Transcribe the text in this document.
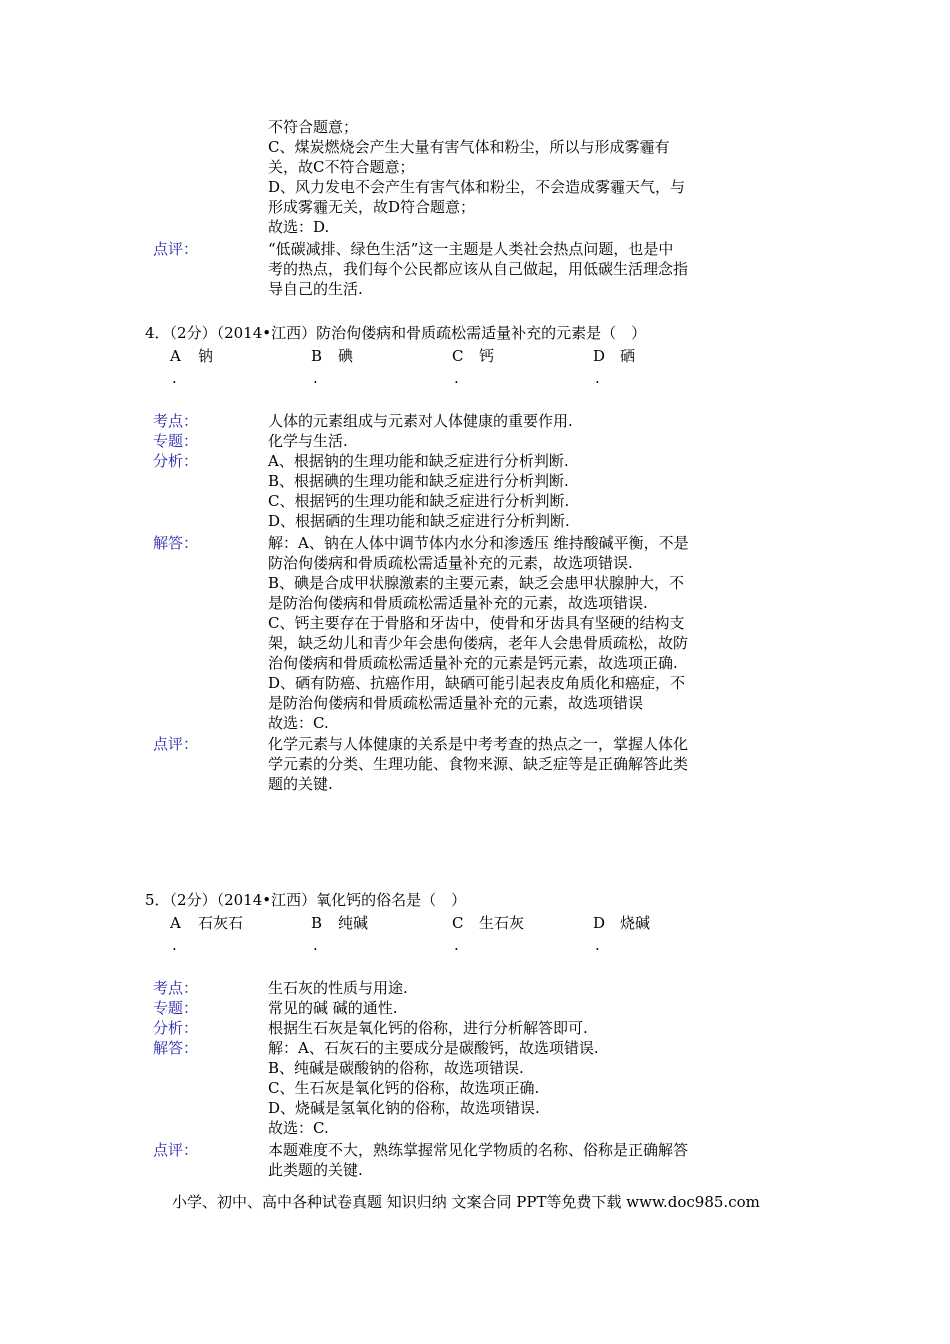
不符合题意；
C、煤炭燃烧会产生大量有害气体和粉尘，所以与形成雾霾有
关，故C不符合题意；
D、风力发电不会产生有害气体和粉尘，不会造成雾霾天气，与
形成雾霾无关，故D符合题意；
故选：D.
点评：	“低碳减排、绿色生活”这一主题是人类社会热点问题，也是中
考的热点，我们每个公民都应该从自己做起，用低碳生活理念指
导自己的生活.
4．（2分）（2014•江西）防治佝偻病和骨质疏松需适量补充的元素是（　）
A 钠
.
B 碘
.
C 钙
.
D 硒
.
考点：	人体的元素组成与元素对人体健康的重要作用.
专题：	化学与生活.
分析：	A、根据钠的生理功能和缺乏症进行分析判断.
B、根据碘的生理功能和缺乏症进行分析判断.
C、根据钙的生理功能和缺乏症进行分析判断.
D、根据硒的生理功能和缺乏症进行分析判断.
解答：	解：A、钠在人体中调节体内水分和渗透压 维持酸碱平衡，不是
防治佝偻病和骨质疏松需适量补充的元素，故选项错误.
B、碘是合成甲状腺激素的主要元素，缺乏会患甲状腺肿大，不
是防治佝偻病和骨质疏松需适量补充的元素，故选项错误.
C、钙主要存在于骨胳和牙齿中，使骨和牙齿具有坚硬的结构支
架，缺乏幼儿和青少年会患佝偻病，老年人会患骨质疏松，故防
治佝偻病和骨质疏松需适量补充的元素是钙元素，故选项正确.
D、硒有防癌、抗癌作用，缺硒可能引起表皮角质化和癌症，不
是防治佝偻病和骨质疏松需适量补充的元素，故选项错误
故选：C.
点评：	化学元素与人体健康的关系是中考考查的热点之一，掌握人体化
学元素的分类、生理功能、食物来源、缺乏症等是正确解答此类
题的关键.
5．（2分）（2014•江西）氧化钙的俗名是（　）
A 石灰石
.
B 纯碱
.
C 生石灰
.
D 烧碱
.
考点：	生石灰的性质与用途.
专题：	常见的碱 碱的通性.
分析：	根据生石灰是氧化钙的俗称，进行分析解答即可.
解答：	解：A、石灰石的主要成分是碳酸钙，故选项错误.
B、纯碱是碳酸钠的俗称，故选项错误.
C、生石灰是氧化钙的俗称，故选项正确.
D、烧碱是氢氧化钠的俗称，故选项错误.
故选：C.
点评：	本题难度不大，熟练掌握常见化学物质的名称、俗称是正确解答
此类题的关键.
小学、初中、高中各种试卷真题 知识归纳 文案合同 PPT等免费下载 www.doc985.com
